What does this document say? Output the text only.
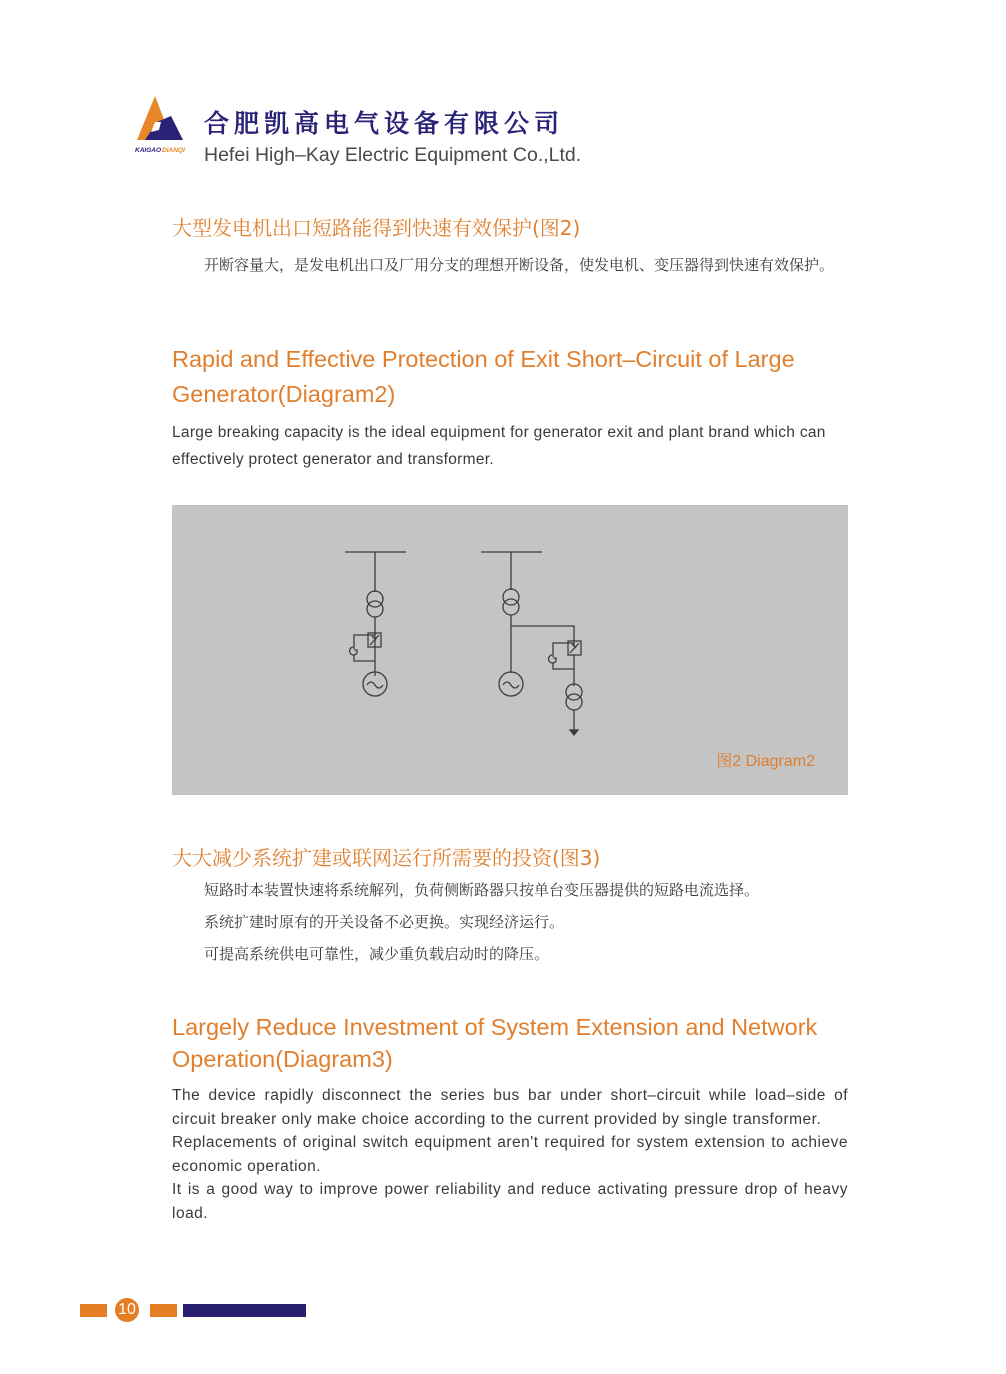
KAIGAO DIANQI
合肥凯高电气设备有限公司
Hefei High–Kay Electric Equipment Co.,Ltd.
大型发电机出口短路能得到快速有效保护(图2)
开断容量大，是发电机出口及厂用分支的理想开断设备，使发电机、变压器得到快速有效保护。
Rapid and Effective Protection of Exit Short–Circuit of Large Generator(Diagram2)
Large breaking capacity is the ideal equipment for generator exit and plant brand which can effectively protect generator and transformer.
图2 Diagram2
大大减少系统扩建或联网运行所需要的投资(图3)
短路时本装置快速将系统解列，负荷侧断路器只按单台变压器提供的短路电流选择。
系统扩建时原有的开关设备不必更换。实现经济运行。
可提高系统供电可靠性，减少重负载启动时的降压。
Largely Reduce Investment of System Extension and Network Operation(Diagram3)
The device rapidly disconnect the series bus bar under short–circuit while load–side of circuit breaker only make choice according to the current provided by single transformer.
Replacements of original switch equipment aren't required for system extension to achieve economic operation.
It is a good way to improve power reliability and reduce activating pressure drop of heavy load.
10
